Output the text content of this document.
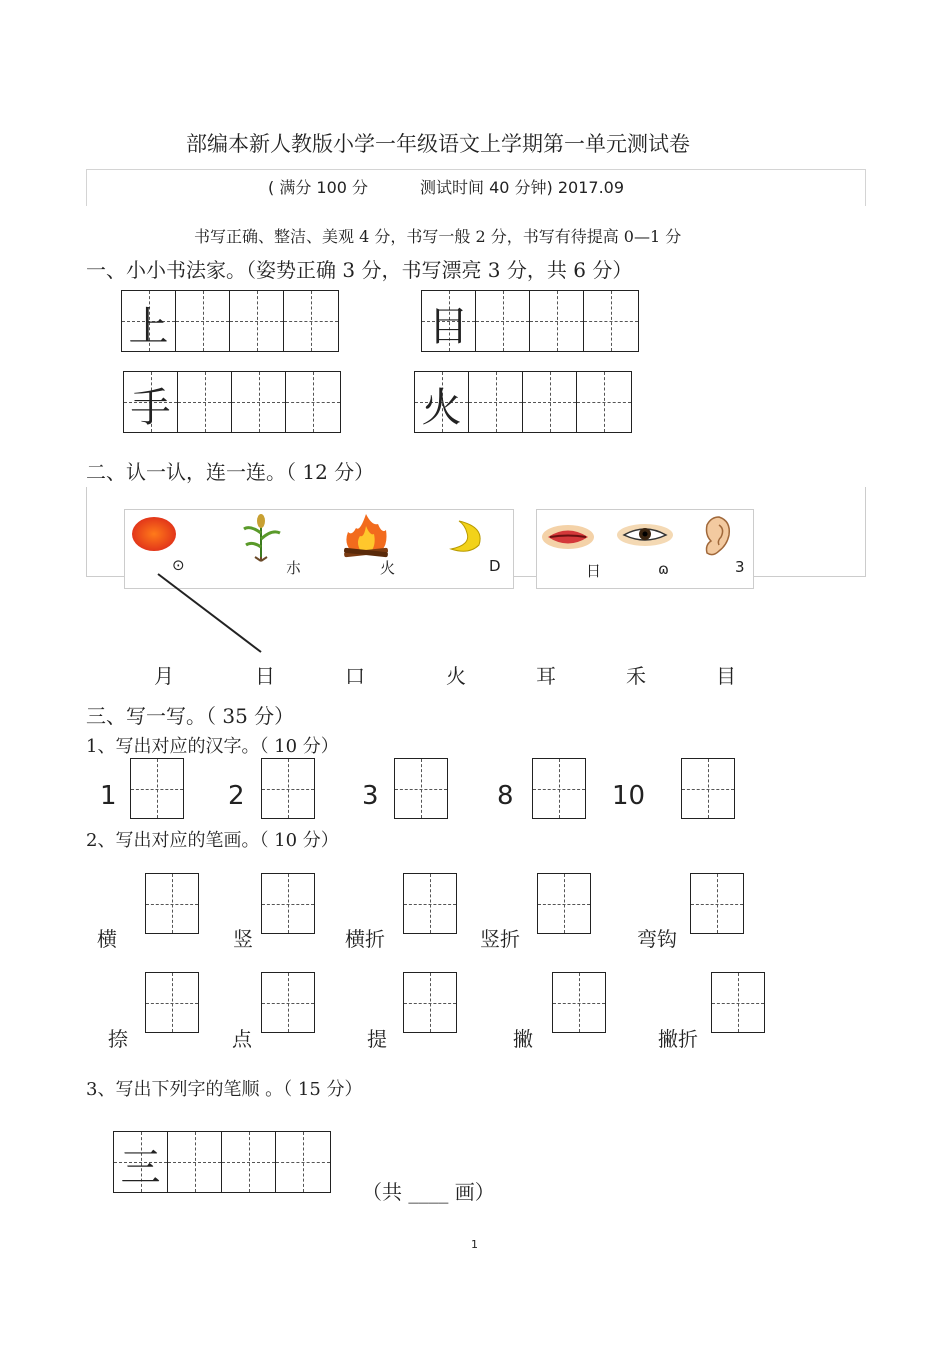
部编本新人教版小学一年级语文上学期第一单元测试卷
( 满分 100 分	测试时间 40 分钟) 2017.09
书写正确、整洁、美观 4 分，书写一般 2 分，书写有待提高 0—1 分
一、小小书法家。（姿势正确 3 分，书写漂亮 3 分，共 6 分）
上	目
手	火
二、认一认，连一连。（ 12 分）
⊙	朩	火	D	日	ɷ	3
月	日	口	火	耳	禾	目
三、写一写。（ 35 分）
1、写出对应的汉字。（ 10 分）
1	2	3	8	10
2、写出对应的笔画。（ 10 分）
横	竖	横折	竖折	弯钩
捺	点	提	撇	撇折
3、写出下列字的笔顺 。（ 15 分）
三
（共 ____ 画）
1
